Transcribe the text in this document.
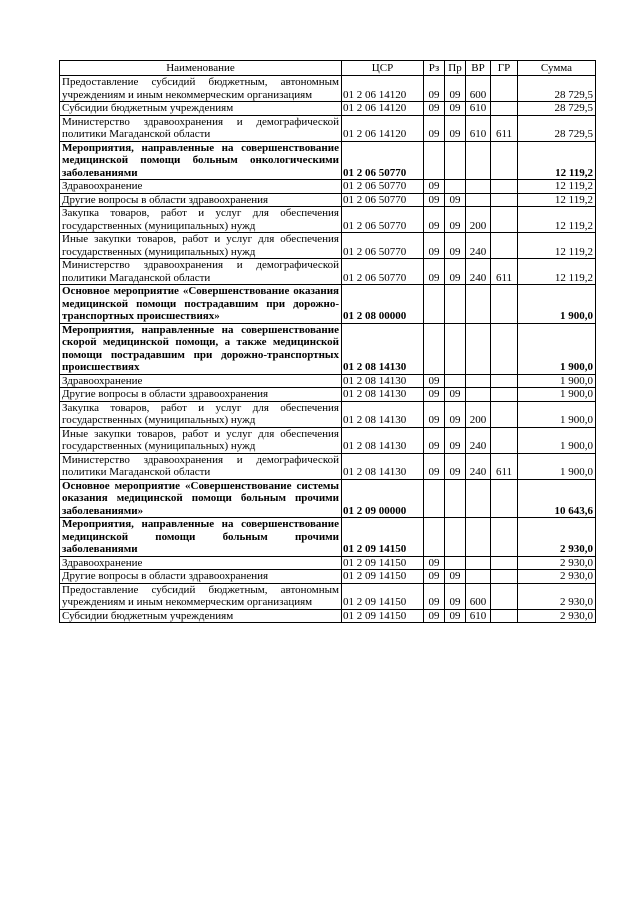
Наименование	ЦСР	Рз	Пр	ВР	ГР	Сумма
Предоставление субсидий бюджетным, автономным учреждениям и иным некоммерческим организациям	01 2 06 14120	09	09	600		28 729,5
Субсидии бюджетным учреждениям	01 2 06 14120	09	09	610		28 729,5
Министерство здравоохранения и демографической политики Магаданской области	01 2 06 14120	09	09	610	611	28 729,5
Мероприятия, направленные на совершенствование медицинской помощи больным онкологическими заболеваниями	01 2 06 50770					12 119,2
Здравоохранение	01 2 06 50770	09				12 119,2
Другие вопросы в области здравоохранения	01 2 06 50770	09	09			12 119,2
Закупка товаров, работ и услуг для обеспечения государственных (муниципальных) нужд	01 2 06 50770	09	09	200		12 119,2
Иные закупки товаров, работ и услуг для обеспечения государственных (муниципальных) нужд	01 2 06 50770	09	09	240		12 119,2
Министерство здравоохранения и демографической политики Магаданской области	01 2 06 50770	09	09	240	611	12 119,2
Основное мероприятие «Совершенствование оказания медицинской помощи пострадавшим при дорожно-транспортных происшествиях»	01 2 08 00000					1 900,0
Мероприятия, направленные на совершенствование скорой медицинской помощи, а также медицинской помощи пострадавшим при дорожно-транспортных происшествиях	01 2 08 14130					1 900,0
Здравоохранение	01 2 08 14130	09				1 900,0
Другие вопросы в области здравоохранения	01 2 08 14130	09	09			1 900,0
Закупка товаров, работ и услуг для обеспечения государственных (муниципальных) нужд	01 2 08 14130	09	09	200		1 900,0
Иные закупки товаров, работ и услуг для обеспечения государственных (муниципальных) нужд	01 2 08 14130	09	09	240		1 900,0
Министерство здравоохранения и демографической политики Магаданской области	01 2 08 14130	09	09	240	611	1 900,0
Основное мероприятие «Совершенствование системы оказания медицинской помощи больным прочими заболеваниями»	01 2 09 00000					10 643,6
Мероприятия, направленные на совершенствование медицинской помощи больным прочими заболеваниями	01 2 09 14150					2 930,0
Здравоохранение	01 2 09 14150	09				2 930,0
Другие вопросы в области здравоохранения	01 2 09 14150	09	09			2 930,0
Предоставление субсидий бюджетным, автономным учреждениям и иным некоммерческим организациям	01 2 09 14150	09	09	600		2 930,0
Субсидии бюджетным учреждениям	01 2 09 14150	09	09	610		2 930,0
